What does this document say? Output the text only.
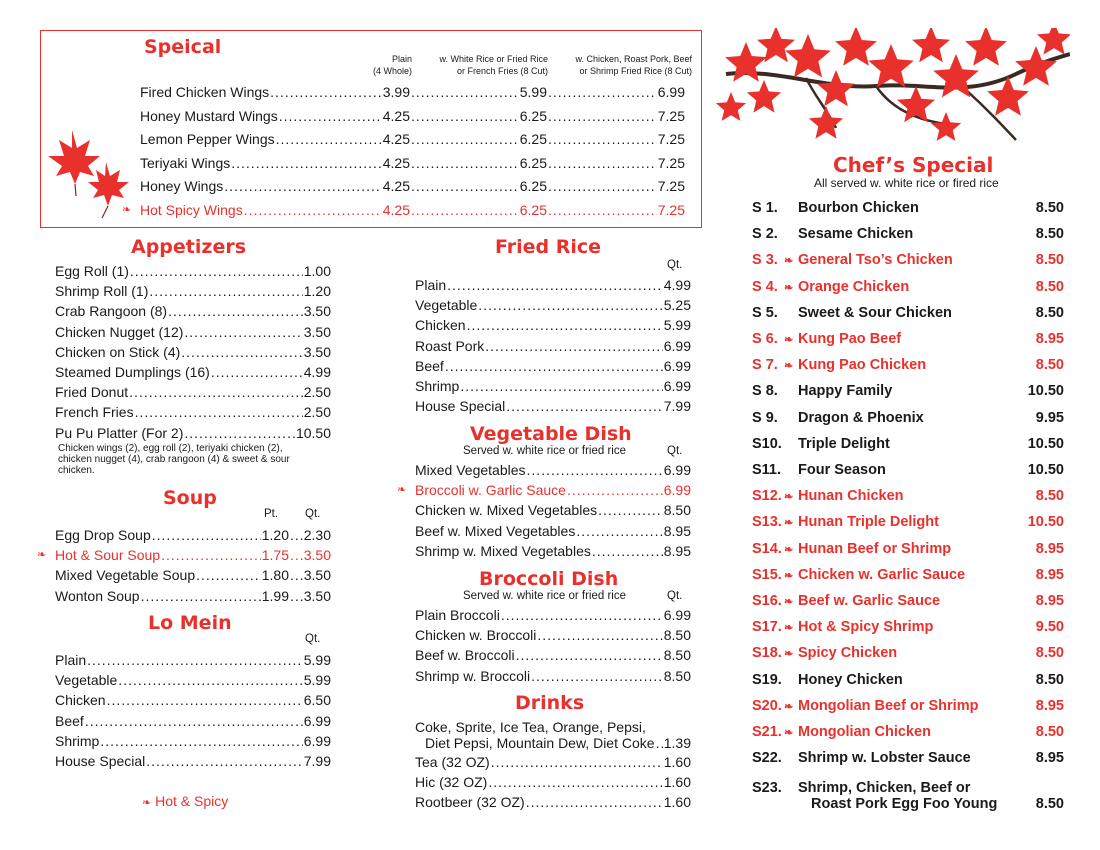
Speical
Plain
(4 Whole)
w. White Rice or Fried Rice
or French Fries (8 Cut)
w. Chicken, Roast Pork, Beef
or Shrimp Fried Rice (8 Cut)
Fired Chicken Wings .....	3.99 .....	5.99 .....	6.99
Honey Mustard Wings .....	4.25 .....	6.25 .....	7.25
Lemon Pepper Wings .....	4.25 .....	6.25 .....	7.25
Teriyaki Wings .....	4.25 .....	6.25 .....	7.25
Honey Wings .....	4.25 .....	6.25 .....	7.25
Hot Spicy Wings .....	4.25 .....	6.25 .....	7.25
❧
Appetizers
Egg Roll (1) .....	1.00
Shrimp Roll (1) .....	1.20
Crab Rangoon (8) .....	3.50
Chicken Nugget (12) .....	3.50
Chicken on Stick (4) .....	3.50
Steamed Dumplings (16) .....	4.99
Fried Donut .....	2.50
French Fries .....	2.50
Pu Pu Platter (For 2) .....	10.50
Chicken wings (2), egg roll (2), teriyaki chicken (2),
chicken nugget (4), crab rangoon (4) & sweet & sour
chicken.
Soup
Pt. Qt.
Egg Drop Soup .....	1.20 ..... 2.30
Hot & Sour Soup .....	1.75 ..... 3.50
❧
Mixed Vegetable Soup .....	1.80 ..... 3.50
Wonton Soup .....	1.99 ..... 3.50
Lo Mein
Qt.
Plain .....	5.99
Vegetable .....	5.99
Chicken .....	6.50
Beef .....	6.99
Shrimp .....	6.99
House Special .....	7.99
❧ Hot & Spicy
Fried Rice
Qt.
Plain .....	4.99
Vegetable .....	5.25
Chicken .....	5.99
Roast Pork .....	6.99
Beef .....	6.99
Shrimp .....	6.99
House Special .....	7.99
Vegetable Dish
Served w. white rice or fried rice	Qt.
Mixed Vegetables .....	6.99
Broccoli w. Garlic Sauce .....	6.99
❧
Chicken w. Mixed Vegetables .....	8.50
Beef w. Mixed Vegetables .....	8.95
Shrimp w. Mixed Vegetables .....	8.95
Broccoli Dish
Served w. white rice or fried rice	Qt.
Plain Broccoli .....	6.99
Chicken w. Broccoli .....	8.50
Beef w. Broccoli .....	8.50
Shrimp w. Broccoli .....	8.50
Drinks
Coke, Sprite, Ice Tea, Orange, Pepsi,
Diet Pepsi, Mountain Dew, Diet Coke ..... 1.39
Tea (32 OZ) .....	1.60
Hic (32 OZ) .....	1.60
Rootbeer (32 OZ) .....	1.60
Chef’s Special
All served w. white rice or fired rice
S 1. Bourbon Chicken	8.50
S 2. Sesame Chicken	8.50
S 3. ❧ General Tso’s Chicken	8.50
S 4. ❧ Orange Chicken	8.50
S 5. Sweet & Sour Chicken	8.50
S 6. ❧ Kung Pao Beef	8.95
S 7. ❧ Kung Pao Chicken	8.50
S 8. Happy Family	10.50
S 9. Dragon & Phoenix	9.95
S10. Triple Delight	10.50
S11. Four Season	10.50
S12. ❧ Hunan Chicken	8.50
S13. ❧ Hunan Triple Delight	10.50
S14. ❧ Hunan Beef or Shrimp	8.95
S15. ❧ Chicken w. Garlic Sauce	8.95
S16. ❧ Beef w. Garlic Sauce	8.95
S17. ❧ Hot & Spicy Shrimp	9.50
S18. ❧ Spicy Chicken	8.50
S19. Honey Chicken	8.50
S20. ❧ Mongolian Beef or Shrimp	8.95
S21. ❧ Mongolian Chicken	8.50
S22. Shrimp w. Lobster Sauce	8.95
S23. Shrimp, Chicken, Beef or
Roast Pork Egg Foo Young	8.50
